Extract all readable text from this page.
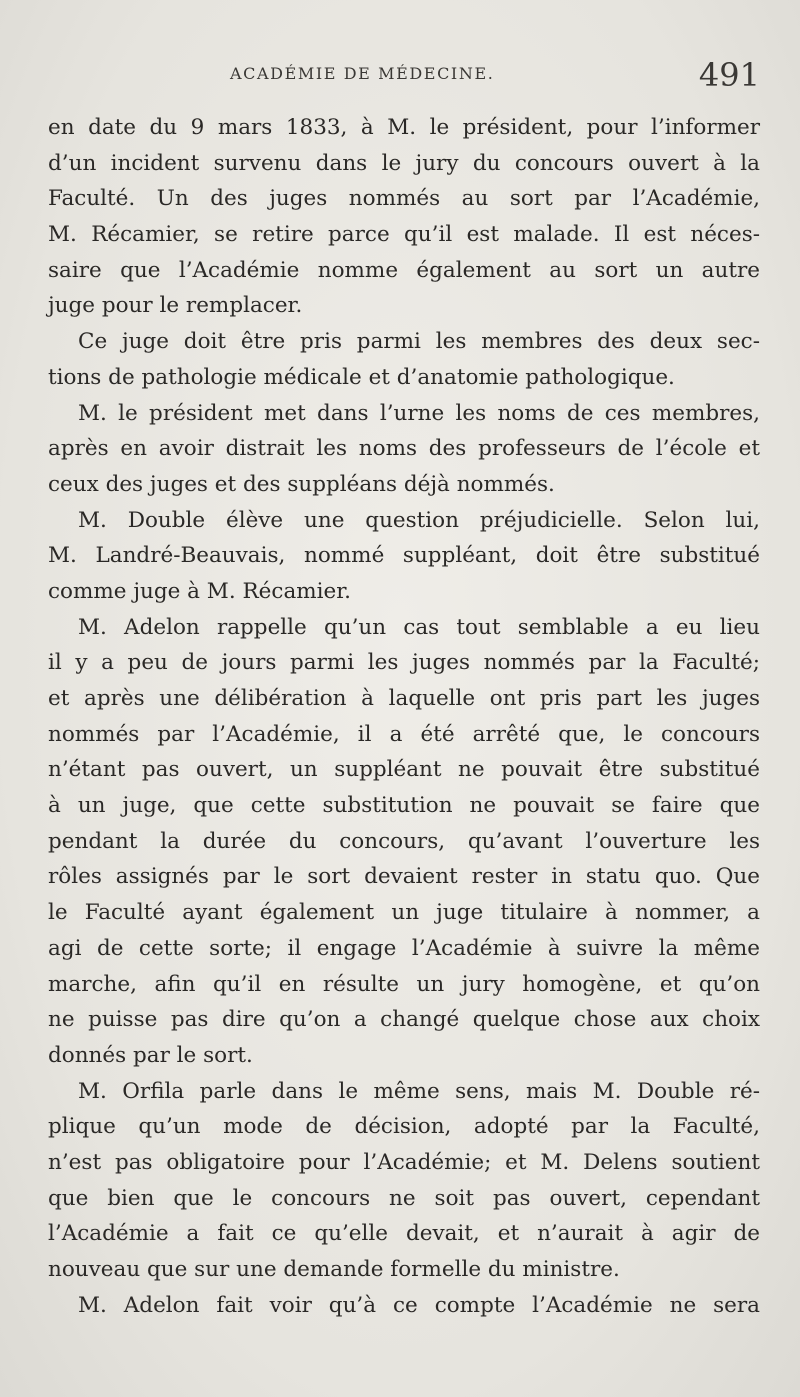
ACADÉMIE DE MÉDECINE.	491
en date du 9 mars 1833, à M. le président, pour l’informer
d’un incident survenu dans le jury du concours ouvert à la
Faculté. Un des juges nommés au sort par l’Académie,
M. Récamier, se retire parce qu’il est malade. Il est néces-
saire que l’Académie nomme également au sort un autre
juge pour le remplacer.
Ce juge doit être pris parmi les membres des deux sec-
tions de pathologie médicale et d’anatomie pathologique.
M. le président met dans l’urne les noms de ces membres,
après en avoir distrait les noms des professeurs de l’école et
ceux des juges et des suppléans déjà nommés.
M. Double élève une question préjudicielle. Selon lui,
M. Landré-Beauvais, nommé suppléant, doit être substitué
comme juge à M. Récamier.
M. Adelon rappelle qu’un cas tout semblable a eu lieu
il y a peu de jours parmi les juges nommés par la Faculté;
et après une délibération à laquelle ont pris part les juges
nommés par l’Académie, il a été arrêté que, le concours
n’étant pas ouvert, un suppléant ne pouvait être substitué
à un juge, que cette substitution ne pouvait se faire que
pendant la durée du concours, qu’avant l’ouverture les
rôles assignés par le sort devaient rester in statu quo. Que
le Faculté ayant également un juge titulaire à nommer, a
agi de cette sorte; il engage l’Académie à suivre la même
marche, afin qu’il en résulte un jury homogène, et qu’on
ne puisse pas dire qu’on a changé quelque chose aux choix
donnés par le sort.
M. Orfila parle dans le même sens, mais M. Double ré-
plique qu’un mode de décision, adopté par la Faculté,
n’est pas obligatoire pour l’Académie; et M. Delens soutient
que bien que le concours ne soit pas ouvert, cependant
l’Académie a fait ce qu’elle devait, et n’aurait à agir de
nouveau que sur une demande formelle du ministre.
M. Adelon fait voir qu’à ce compte l’Académie ne sera
